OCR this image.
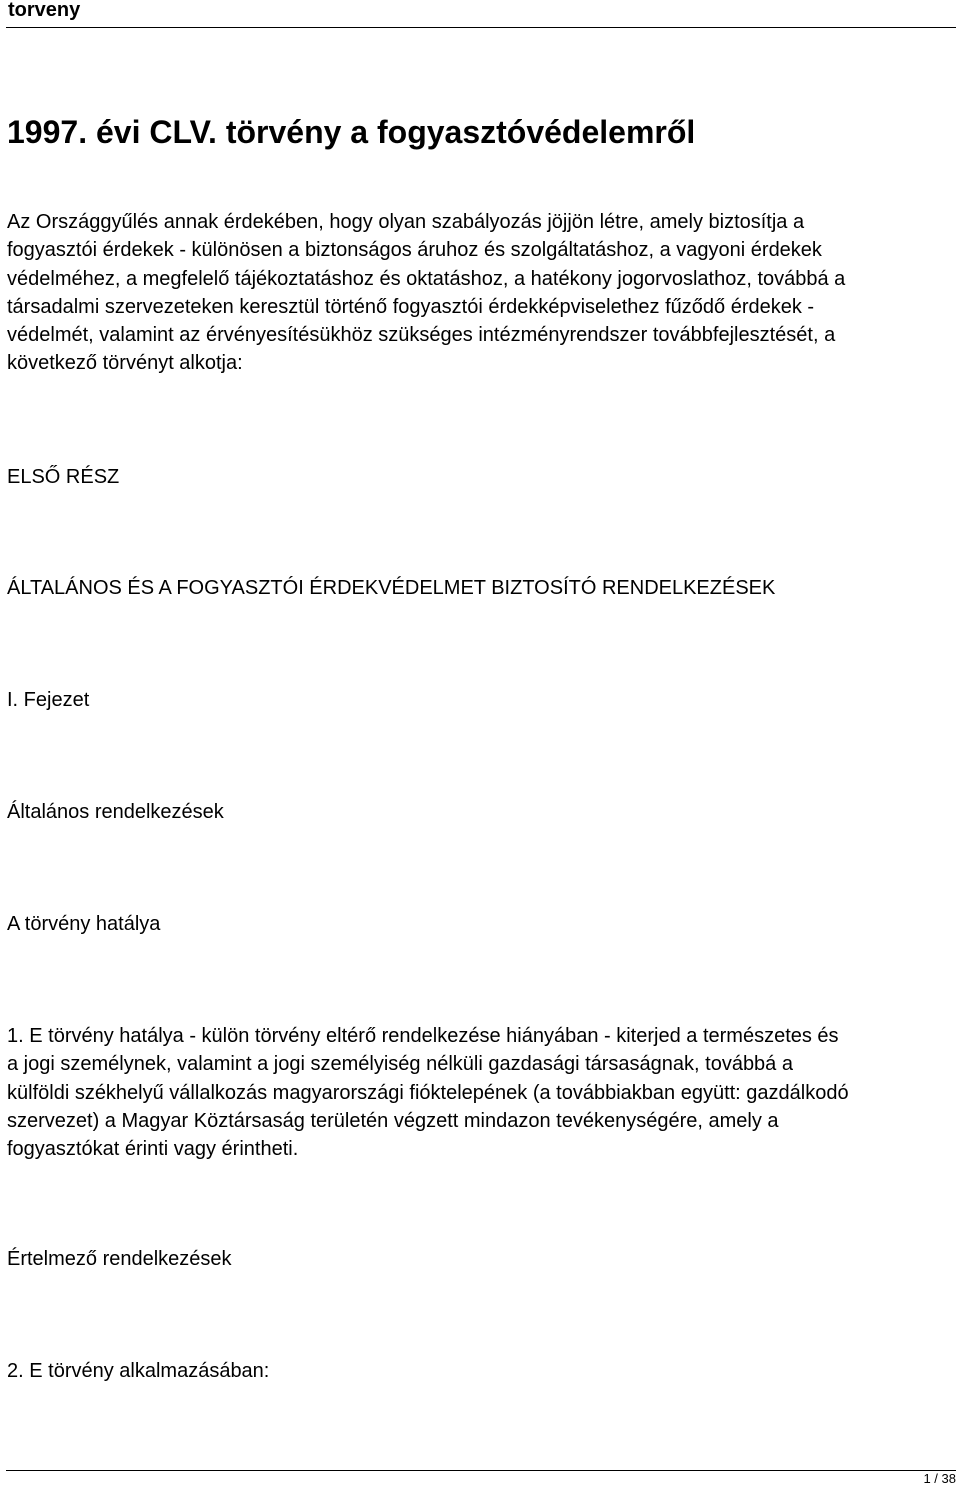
torveny
1997. évi CLV. törvény a fogyasztóvédelemről

Az Országgyűlés annak érdekében, hogy olyan szabályozás jöjjön létre, amely biztosítja a
fogyasztói érdekek - különösen a biztonságos áruhoz és szolgáltatáshoz, a vagyoni érdekek
védelméhez, a megfelelő tájékoztatáshoz és oktatáshoz, a hatékony jogorvoslathoz, továbbá a
társadalmi szervezeteken keresztül történő fogyasztói érdekképviselethez fűződő érdekek -
védelmét, valamint az érvényesítésükhöz szükséges intézményrendszer továbbfejlesztését, a
következő törvényt alkotja:

ELSŐ RÉSZ
ÁLTALÁNOS ÉS A FOGYASZTÓI ÉRDEKVÉDELMET BIZTOSÍTÓ RENDELKEZÉSEK
I. Fejezet
Általános rendelkezések
A törvény hatálya

1. E törvény hatálya - külön törvény eltérő rendelkezése hiányában - kiterjed a természetes és
a jogi személynek, valamint a jogi személyiség nélküli gazdasági társaságnak, továbbá a
külföldi székhelyű vállalkozás magyarországi fióktelepének (a továbbiakban együtt: gazdálkodó
szervezet) a Magyar Köztársaság területén végzett mindazon tevékenységére, amely a
fogyasztókat érinti vagy érintheti.

Értelmező rendelkezések
2. E törvény alkalmazásában:
1 / 38
